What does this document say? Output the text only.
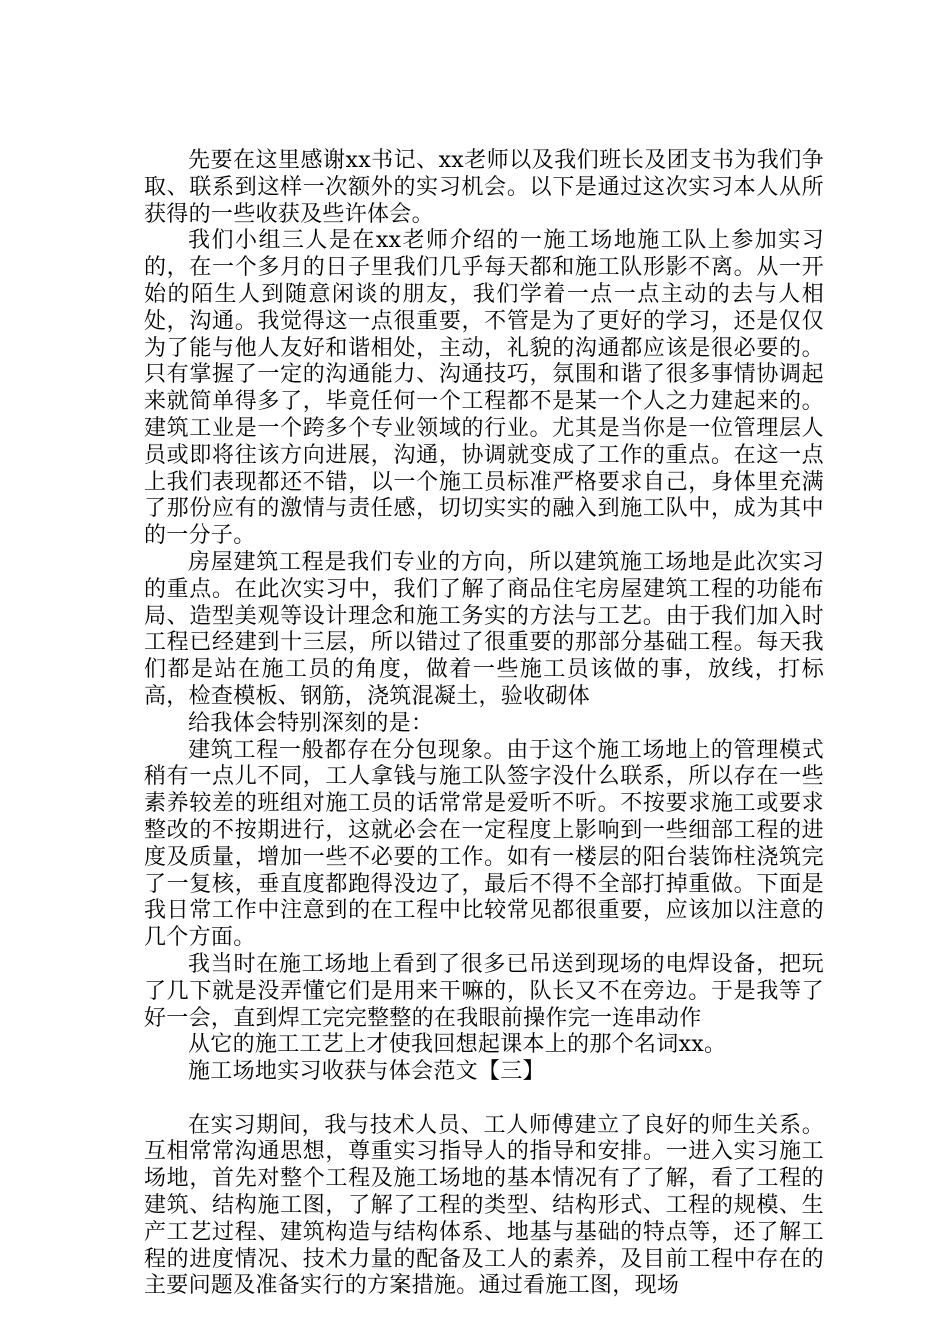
先要在这里感谢xx书记、xx老师以及我们班长及团支书为我们争取、联系到这样一次额外的实习机会。以下是通过这次实习本人从所获得的一些收获及些许体会。

我们小组三人是在xx老师介绍的一施工场地施工队上参加实习的，在一个多月的日子里我们几乎每天都和施工队形影不离。从一开始的陌生人到随意闲谈的朋友，我们学着一点一点主动的去与人相处，沟通。我觉得这一点很重要，不管是为了更好的学习，还是仅仅为了能与他人友好和谐相处，主动，礼貌的沟通都应该是很必要的。只有掌握了一定的沟通能力、沟通技巧，氛围和谐了很多事情协调起来就简单得多了，毕竟任何一个工程都不是某一个人之力建起来的。建筑工业是一个跨多个专业领域的行业。尤其是当你是一位管理层人员或即将往该方向进展，沟通，协调就变成了工作的重点。在这一点上我们表现都还不错，以一个施工员标准严格要求自己，身体里充满了那份应有的激情与责任感，切切实实的融入到施工队中，成为其中的一分子。

房屋建筑工程是我们专业的方向，所以建筑施工场地是此次实习的重点。在此次实习中，我们了解了商品住宅房屋建筑工程的功能布局、造型美观等设计理念和施工务实的方法与工艺。由于我们加入时工程已经建到十三层，所以错过了很重要的那部分基础工程。每天我们都是站在施工员的角度，做着一些施工员该做的事，放线，打标高，检查模板、钢筋，浇筑混凝土，验收砌体

给我体会特别深刻的是：

建筑工程一般都存在分包现象。由于这个施工场地上的管理模式稍有一点儿不同，工人拿钱与施工队签字没什么联系，所以存在一些素养较差的班组对施工员的话常常是爱听不听。不按要求施工或要求整改的不按期进行，这就必会在一定程度上影响到一些细部工程的进度及质量，增加一些不必要的工作。如有一楼层的阳台装饰柱浇筑完了一复核，垂直度都跑得没边了，最后不得不全部打掉重做。下面是我日常工作中注意到的在工程中比较常见都很重要，应该加以注意的几个方面。

我当时在施工场地上看到了很多已吊送到现场的电焊设备，把玩了几下就是没弄懂它们是用来干嘛的，队长又不在旁边。于是我等了好一会，直到焊工完完整整的在我眼前操作完一连串动作

从它的施工工艺上才使我回想起课本上的那个名词xx。

施工场地实习收获与体会范文【三】

在实习期间，我与技术人员、工人师傅建立了良好的师生关系。互相常常沟通思想，尊重实习指导人的指导和安排。一进入实习施工场地，首先对整个工程及施工场地的基本情况有了了解，看了工程的建筑、结构施工图，了解了工程的类型、结构形式、工程的规模、生产工艺过程、建筑构造与结构体系、地基与基础的特点等，还了解工程的进度情况、技术力量的配备及工人的素养，及目前工程中存在的主要问题及准备实行的方案措施。通过看施工图，现场
